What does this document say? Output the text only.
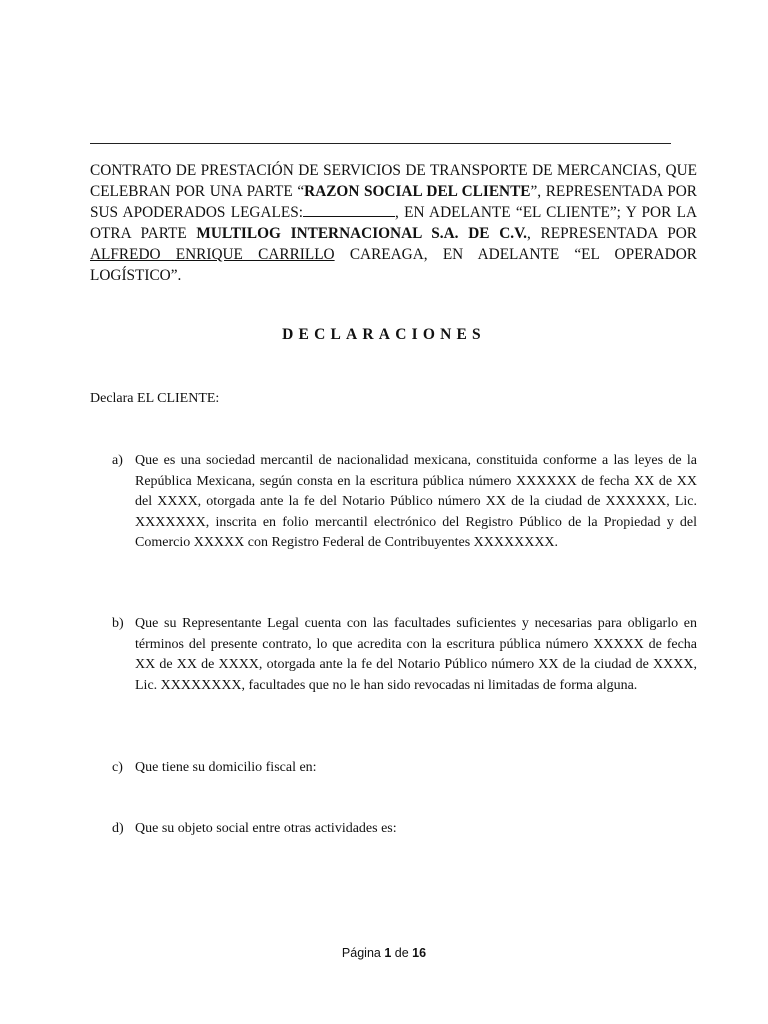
CONTRATO DE PRESTACIÓN DE SERVICIOS DE TRANSPORTE DE MERCANCIAS, QUE CELEBRAN POR UNA PARTE “RAZON SOCIAL DEL CLIENTE”, REPRESENTADA POR SUS APODERADOS LEGALES:	, EN ADELANTE “EL CLIENTE”; Y POR LA OTRA PARTE MULTILOG INTERNACIONAL S.A. DE C.V., REPRESENTADA POR ALFREDO ENRIQUE CARRILLO CAREAGA, EN ADELANTE “EL OPERADOR LOGÍSTICO”.
DECLARACIONES
Declara EL CLIENTE:
a) Que es una sociedad mercantil de nacionalidad mexicana, constituida conforme a las leyes de la República Mexicana, según consta en la escritura pública número XXXXXX de fecha XX de XX del XXXX, otorgada ante la fe del Notario Público número XX de la ciudad de XXXXXX, Lic. XXXXXXX, inscrita en folio mercantil electrónico del Registro Público de la Propiedad y del Comercio XXXXX con Registro Federal de Contribuyentes XXXXXXXX.
b) Que su Representante Legal cuenta con las facultades suficientes y necesarias para obligarlo en términos del presente contrato, lo que acredita con la escritura pública número XXXXX de fecha XX de XX de XXXX, otorgada ante la fe del Notario Público número XX de la ciudad de XXXX, Lic. XXXXXXXX, facultades que no le han sido revocadas ni limitadas de forma alguna.
c) Que tiene su domicilio fiscal en:
d) Que su objeto social entre otras actividades es:
Página 1 de 16
